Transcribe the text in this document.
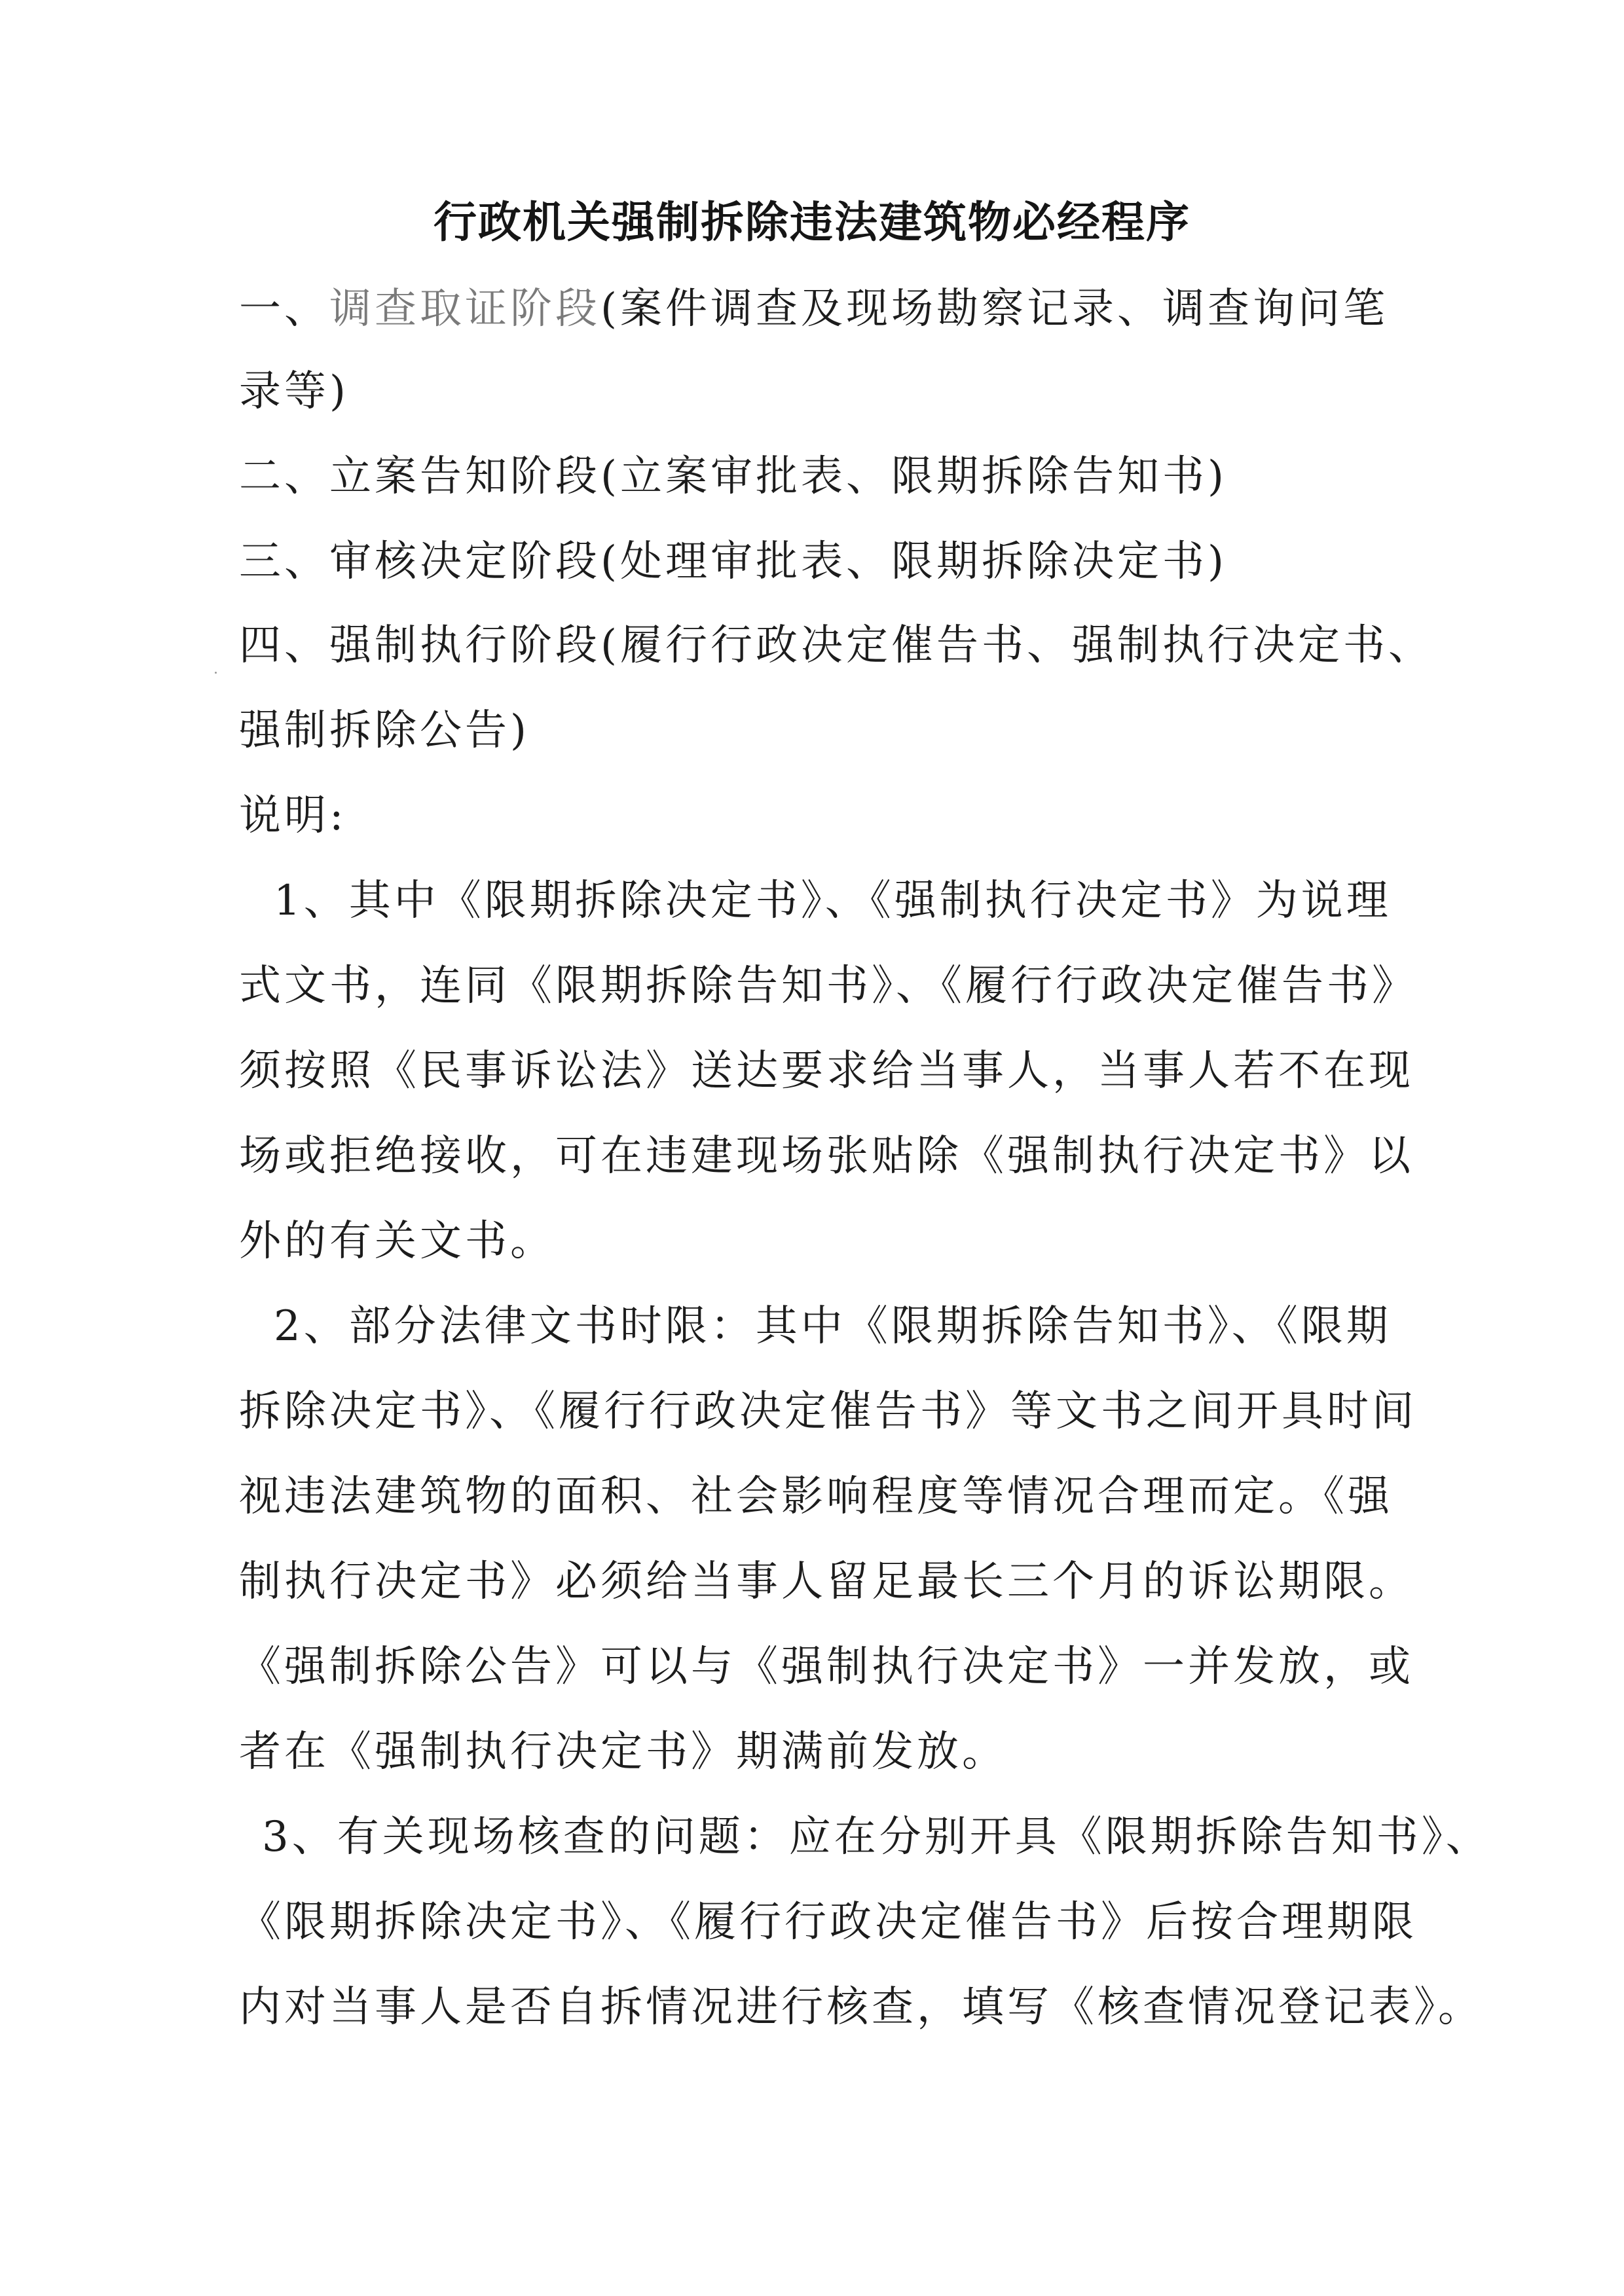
行政机关强制拆除违法建筑物必经程序
一、调查取证阶段(案件调查及现场勘察记录、调查询问笔
录等)
二、立案告知阶段(立案审批表、限期拆除告知书)
三、审核决定阶段(处理审批表、限期拆除决定书)
四、强制执行阶段(履行行政决定催告书、强制执行决定书、
强制拆除公告)
说明:
1、其中《限期拆除决定书》、《强制执行决定书》为说理
式文书，连同《限期拆除告知书》、《履行行政决定催告书》
须按照《民事诉讼法》送达要求给当事人，当事人若不在现
场或拒绝接收，可在违建现场张贴除《强制执行决定书》以
外的有关文书。
2、部分法律文书时限：其中《限期拆除告知书》、《限期
拆除决定书》、《履行行政决定催告书》等文书之间开具时间
视违法建筑物的面积、社会影响程度等情况合理而定。《强
制执行决定书》必须给当事人留足最长三个月的诉讼期限。
《强制拆除公告》可以与《强制执行决定书》一并发放，或
者在《强制执行决定书》期满前发放。
3、有关现场核查的问题：应在分别开具《限期拆除告知书》、
《限期拆除决定书》、《履行行政决定催告书》后按合理期限
内对当事人是否自拆情况进行核查，填写《核查情况登记表》。
